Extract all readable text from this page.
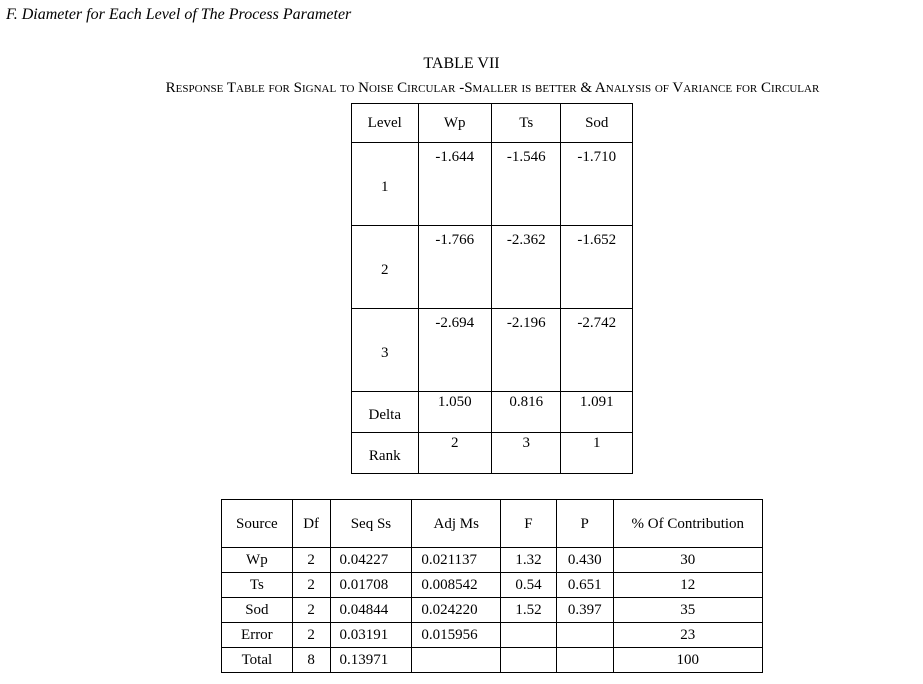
F. Diameter for Each Level of The Process Parameter
TABLE VII
Response Table for Signal to Noise Circular -Smaller is better & Analysis of Variance for Circular
Level	Wp	Ts	Sod
1	-1.644	-1.546	-1.710
2	-1.766	-2.362	-1.652
3	-2.694	-2.196	-2.742
Delta	1.050	0.816	1.091
Rank	2	3	1
Source	Df	Seq Ss	Adj Ms	F	P	% Of Contribution
Wp	2	0.04227	0.021137	1.32	0.430	30
Ts	2	0.01708	0.008542	0.54	0.651	12
Sod	2	0.04844	0.024220	1.52	0.397	35
Error	2	0.03191	0.015956			23
Total	8	0.13971				100
